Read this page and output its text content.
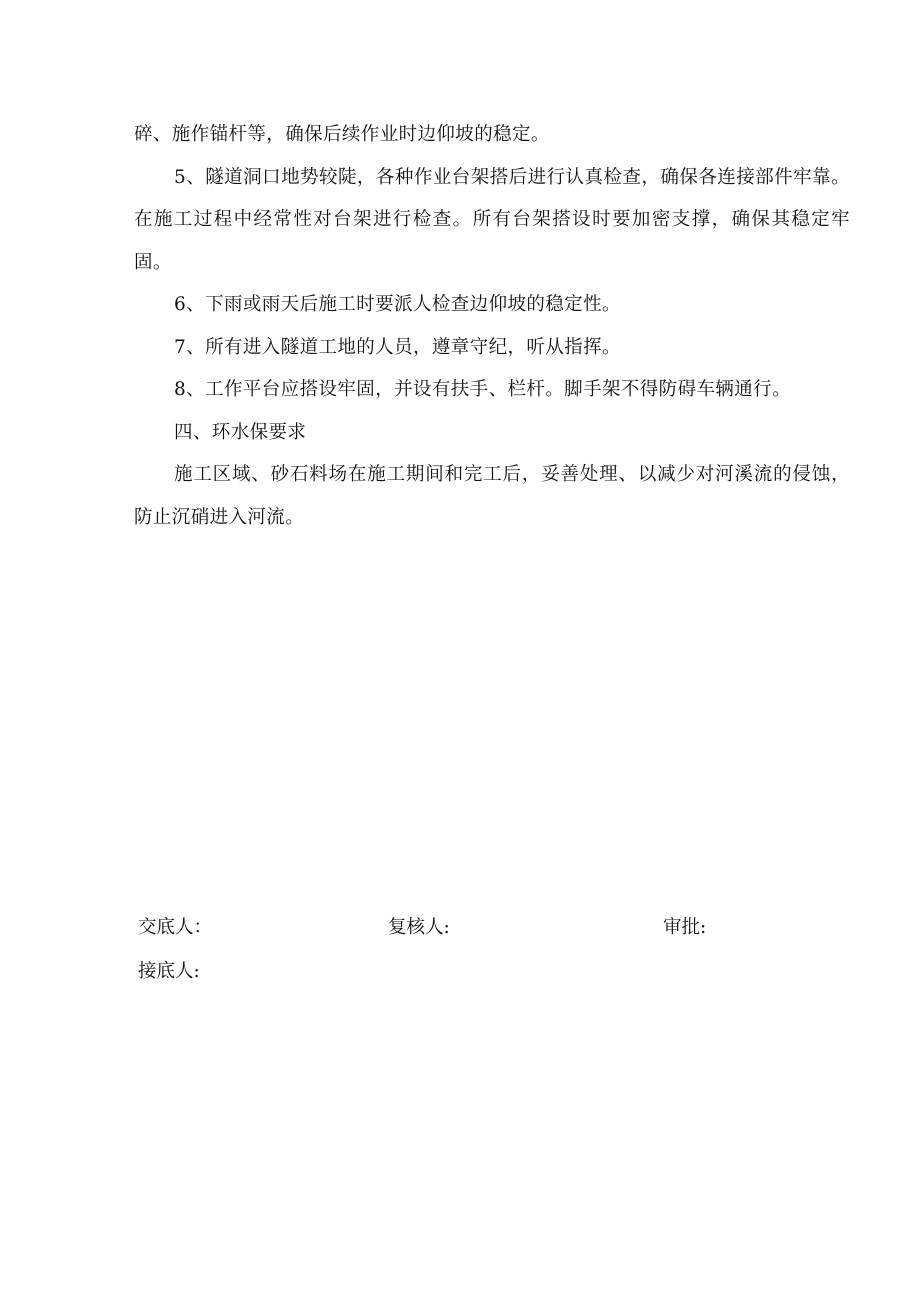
碎、施作锚杆等，确保后续作业时边仰坡的稳定。

5、隧道洞口地势较陡，各种作业台架搭后进行认真检查，确保各连接部件牢靠。在施工过程中经常性对台架进行检查。所有台架搭设时要加密支撑，确保其稳定牢固。

6、下雨或雨天后施工时要派人检查边仰坡的稳定性。

7、所有进入隧道工地的人员，遵章守纪，听从指挥。

8、工作平台应搭设牢固，并设有扶手、栏杆。脚手架不得防碍车辆通行。

四、环水保要求

施工区域、砂石料场在施工期间和完工后，妥善处理、以减少对河溪流的侵蚀，防止沉硝进入河流。

交底人：	复核人:	审批:
接底人:
